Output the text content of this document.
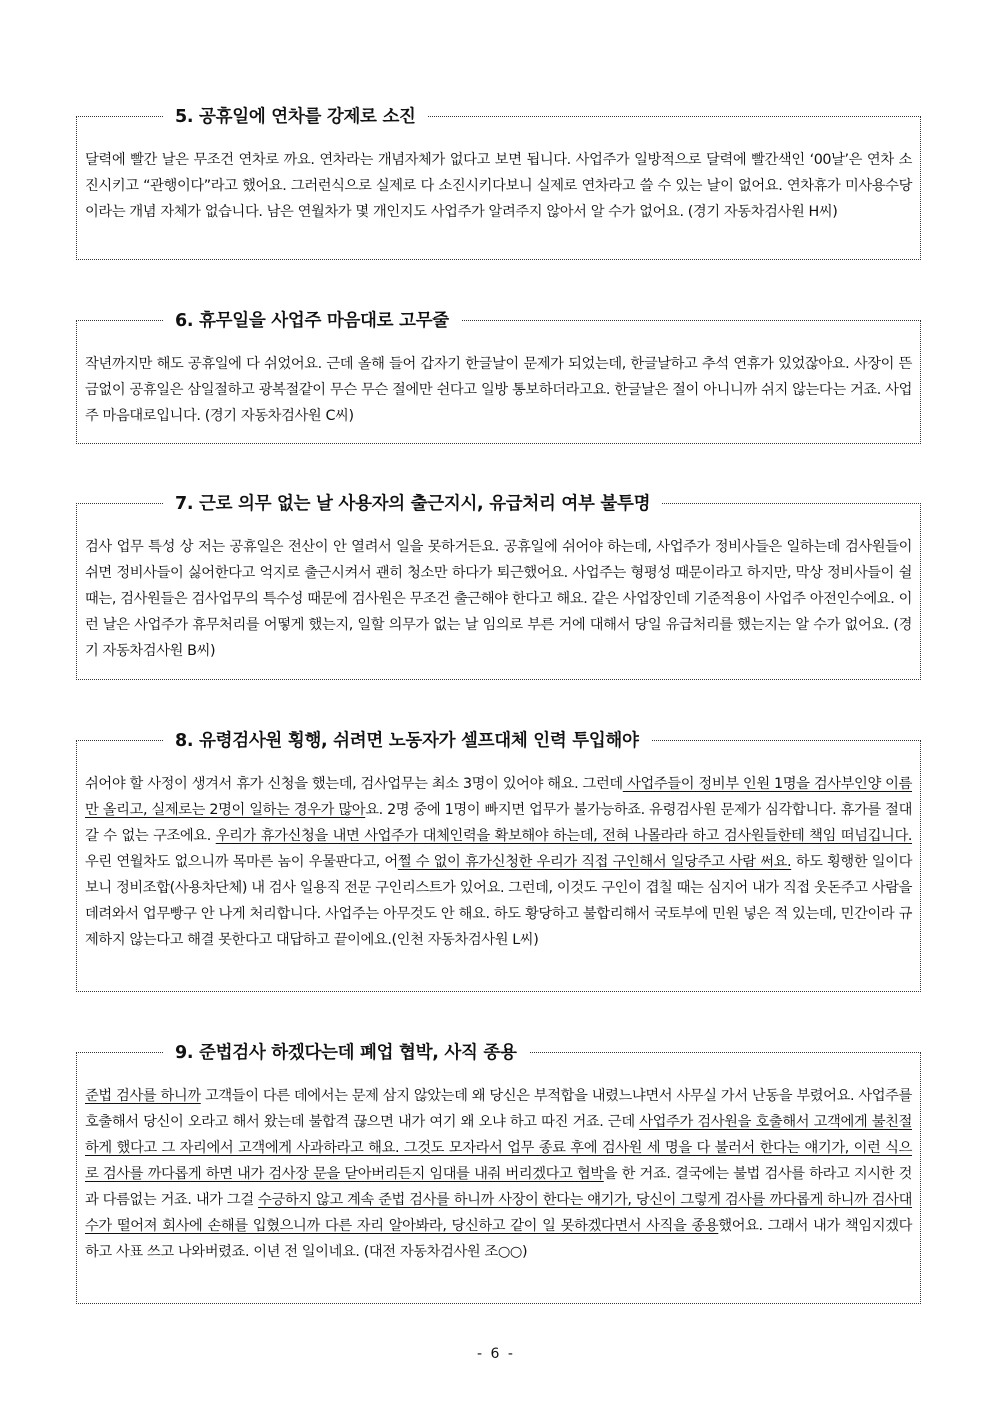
5. 공휴일에 연차를 강제로 소진

달력에 빨간 날은 무조건 연차로 까요. 연차라는 개념자체가 없다고 보면 됩니다. 사업주가 일방적으로 달력에 빨간색인 ‘00날’은 연차 소진시키고 “관행이다”라고 했어요. 그러런식으로 실제로 다 소진시키다보니 실제로 연차라고 쓸 수 있는 날이 없어요. 연차휴가 미사용수당이라는 개념 자체가 없습니다. 남은 연월차가 몇 개인지도 사업주가 알려주지 않아서 알 수가 없어요. (경기 자동차검사원 H씨)

6. 휴무일을 사업주 마음대로 고무줄

작년까지만 해도 공휴일에 다 쉬었어요. 근데 올해 들어 갑자기 한글날이 문제가 되었는데, 한글날하고 추석 연휴가 있었잖아요. 사장이 뜬금없이 공휴일은 삼일절하고 광복절같이 무슨 무슨 절에만 쉰다고 일방 통보하더라고요. 한글날은 절이 아니니까 쉬지 않는다는 거죠. 사업주 마음대로입니다. (경기 자동차검사원 C씨)

7. 근로 의무 없는 날 사용자의 출근지시, 유급처리 여부 불투명

검사 업무 특성 상 저는 공휴일은 전산이 안 열려서 일을 못하거든요. 공휴일에 쉬어야 하는데, 사업주가 정비사들은 일하는데 검사원들이 쉬면 정비사들이 싫어한다고 억지로 출근시켜서 괜히 청소만 하다가 퇴근했어요. 사업주는 형평성 때문이라고 하지만, 막상 정비사들이 쉴 때는, 검사원들은 검사업무의 특수성 때문에 검사원은 무조건 출근해야 한다고 해요. 같은 사업장인데 기준적용이 사업주 아전인수에요. 이런 날은 사업주가 휴무처리를 어떻게 했는지, 일할 의무가 없는 날 임의로 부른 거에 대해서 당일 유급처리를 했는지는 알 수가 없어요. (경기 자동차검사원 B씨)

8. 유령검사원 횡행, 쉬려면 노동자가 셀프대체 인력 투입해야

쉬어야 할 사정이 생겨서 휴가 신청을 했는데, 검사업무는 최소 3명이 있어야 해요. 그런데 사업주들이 정비부 인원 1명을 검사부인양 이름만 올리고, 실제로는 2명이 일하는 경우가 많아요. 2명 중에 1명이 빠지면 업무가 불가능하죠. 유령검사원 문제가 심각합니다. 휴가를 절대 갈 수 없는 구조에요. 우리가 휴가신청을 내면 사업주가 대체인력을 확보해야 하는데, 전혀 나몰라라 하고 검사원들한테 책임 떠넘깁니다. 우린 연월차도 없으니까 목마른 놈이 우물판다고, 어쩔 수 없이 휴가신청한 우리가 직접 구인해서 일당주고 사람 써요. 하도 횡행한 일이다보니 정비조합(사용차단체) 내 검사 일용직 전문 구인리스트가 있어요. 그런데, 이것도 구인이 겹칠 때는 심지어 내가 직접 웃돈주고 사람을 데려와서 업무빵구 안 나게 처리합니다. 사업주는 아무것도 안 해요. 하도 황당하고 불합리해서 국토부에 민원 넣은 적 있는데, 민간이라 규제하지 않는다고 해결 못한다고 대답하고 끝이에요.(인천 자동차검사원 L씨)

9. 준법검사 하겠다는데 폐업 협박, 사직 종용

준법 검사를 하니까 고객들이 다른 데에서는 문제 삼지 않았는데 왜 당신은 부적합을 내렸느냐면서 사무실 가서 난동을 부렸어요. 사업주를 호출해서 당신이 오라고 해서 왔는데 불합격 끊으면 내가 여기 왜 오냐 하고 따진 거죠. 근데 사업주가 검사원을 호출해서 고객에게 불친절하게 했다고 그 자리에서 고객에게 사과하라고 해요. 그것도 모자라서 업무 종료 후에 검사원 세 명을 다 불러서 한다는 얘기가, 이런 식으로 검사를 까다롭게 하면 내가 검사장 문을 닫아버리든지 임대를 내줘 버리겠다고 협박을 한 거죠. 결국에는 불법 검사를 하라고 지시한 것과 다름없는 거죠. 내가 그걸 수긍하지 않고 계속 준법 검사를 하니까 사장이 한다는 얘기가, 당신이 그렇게 검사를 까다롭게 하니까 검사대수가 떨어져 회사에 손해를 입혔으니까 다른 자리 알아봐라, 당신하고 같이 일 못하겠다면서 사직을 종용했어요. 그래서 내가 책임지겠다 하고 사표 쓰고 나와버렸죠. 이년 전 일이네요. (대전 자동차검사원 조○○)

- 6 -
